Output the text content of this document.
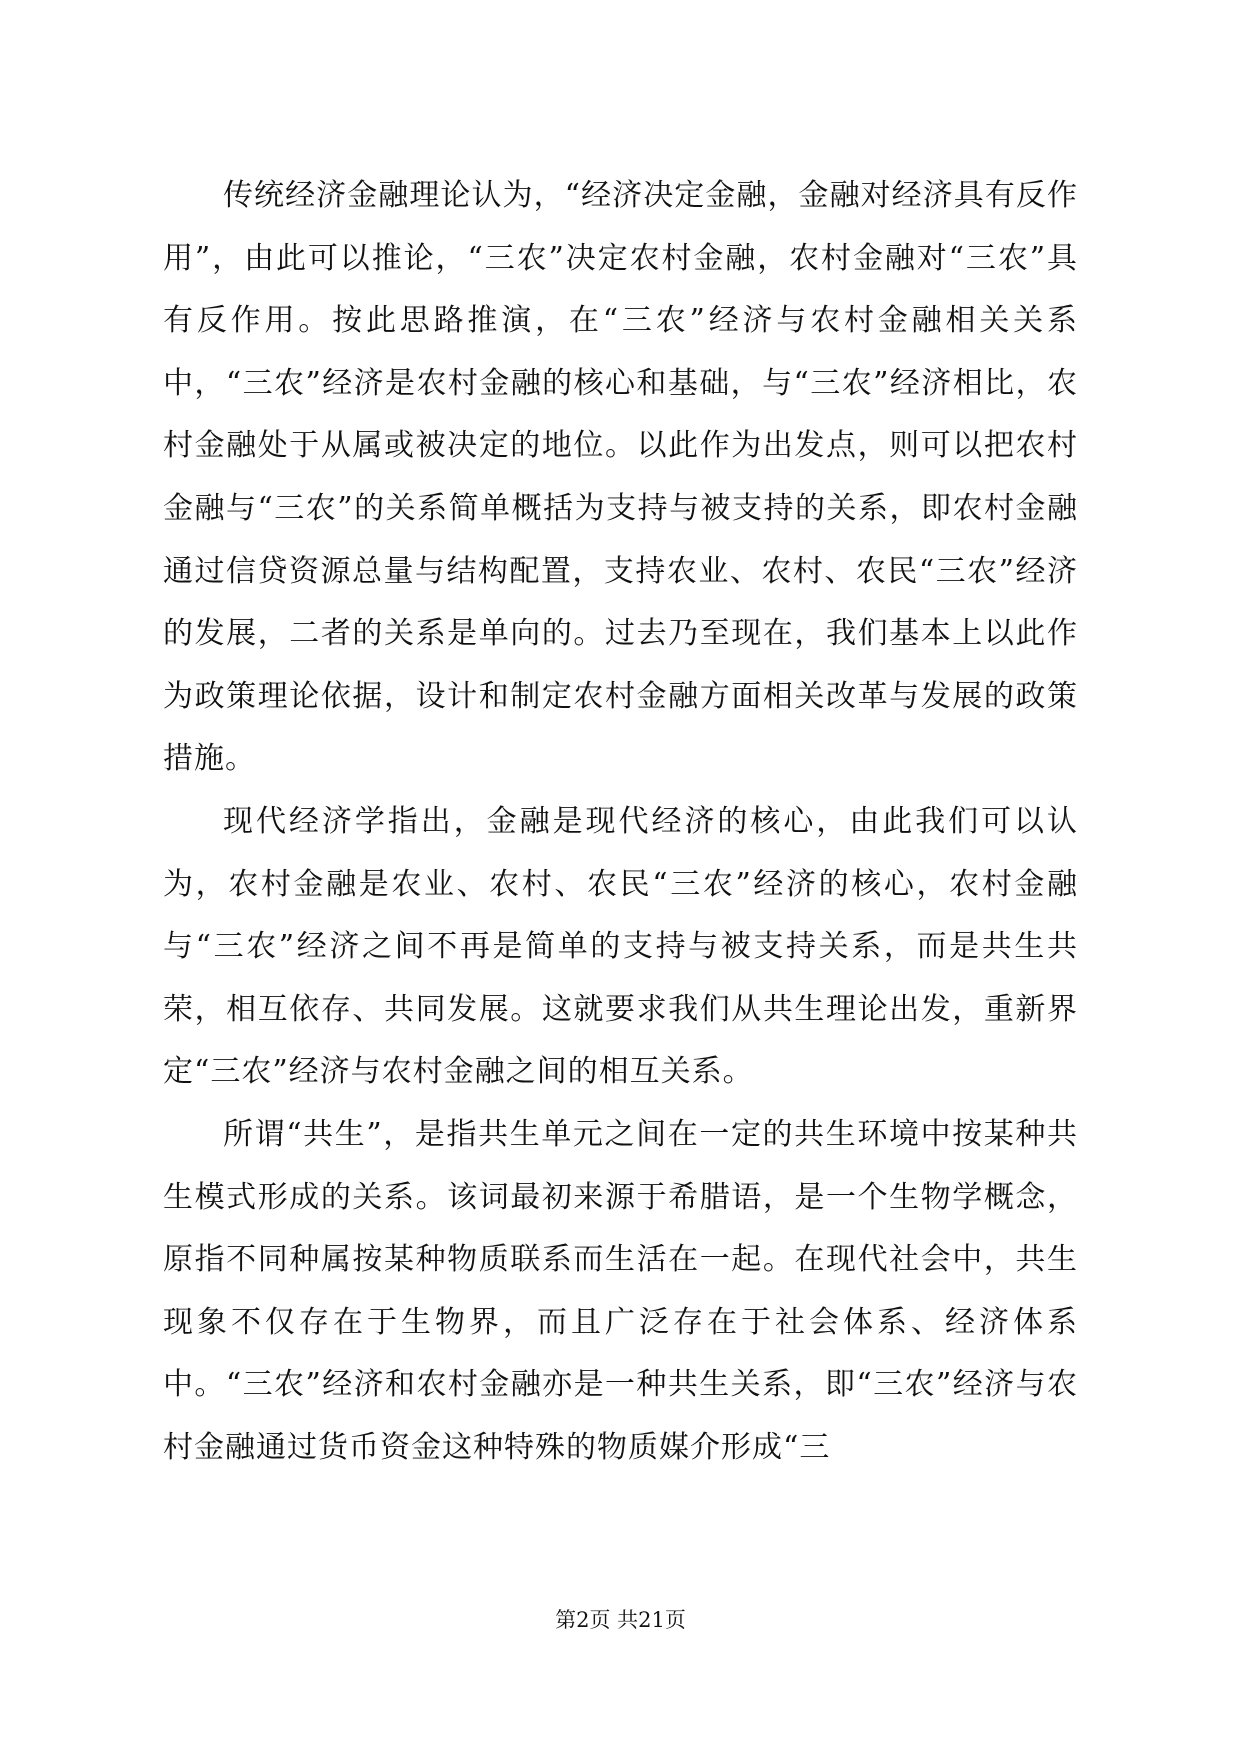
传统经济金融理论认为，“经济决定金融，金融对经济具有反作用”，由此可以推论，“三农”决定农村金融，农村金融对“三农”具有反作用。按此思路推演，在“三农”经济与农村金融相关关系中，“三农”经济是农村金融的核心和基础，与“三农”经济相比，农村金融处于从属或被决定的地位。以此作为出发点，则可以把农村金融与“三农”的关系简单概括为支持与被支持的关系，即农村金融通过信贷资源总量与结构配置，支持农业、农村、农民“三农”经济的发展，二者的关系是单向的。过去乃至现在，我们基本上以此作为政策理论依据，设计和制定农村金融方面相关改革与发展的政策措施。

现代经济学指出，金融是现代经济的核心，由此我们可以认为，农村金融是农业、农村、农民“三农”经济的核心，农村金融与“三农”经济之间不再是简单的支持与被支持关系，而是共生共荣，相互依存、共同发展。这就要求我们从共生理论出发，重新界定“三农”经济与农村金融之间的相互关系。

所谓“共生”，是指共生单元之间在一定的共生环境中按某种共生模式形成的关系。该词最初来源于希腊语，是一个生物学概念，原指不同种属按某种物质联系而生活在一起。在现代社会中，共生现象不仅存在于生物界，而且广泛存在于社会体系、经济体系中。“三农”经济和农村金融亦是一种共生关系，即“三农”经济与农村金融通过货币资金这种特殊的物质媒介形成“三

第2页 共21页
